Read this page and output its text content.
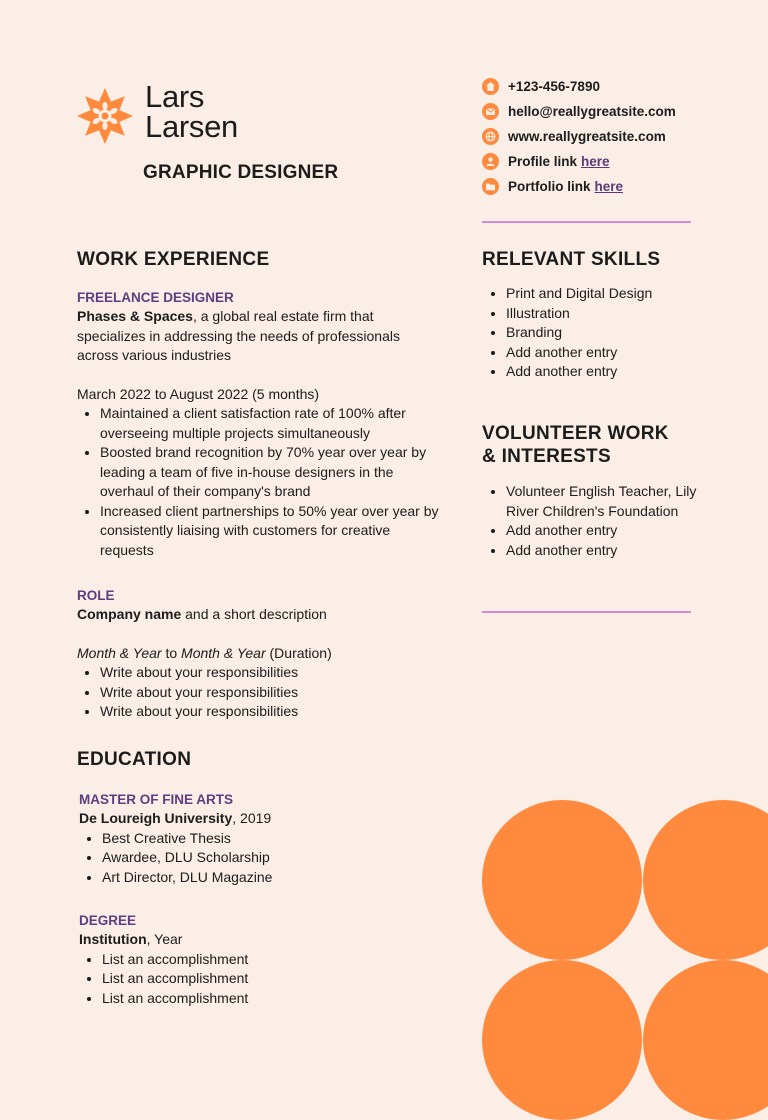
Lars
Larsen
GRAPHIC DESIGNER
+123-456-7890
hello@reallygreatsite.com
www.reallygreatsite.com
Profile link here
Portfolio link here
WORK EXPERIENCE
FREELANCE DESIGNER
Phases & Spaces, a global real estate firm that specializes in addressing the needs of professionals across various industries
March 2022 to August 2022 (5 months)
• Maintained a client satisfaction rate of 100% after overseeing multiple projects simultaneously
• Boosted brand recognition by 70% year over year by leading a team of five in-house designers in the overhaul of their company's brand
• Increased client partnerships to 50% year over year by consistently liaising with customers for creative requests
ROLE
Company name and a short description
Month & Year to Month & Year (Duration)
• Write about your responsibilities
• Write about your responsibilities
• Write about your responsibilities
EDUCATION
MASTER OF FINE ARTS
De Loureigh University, 2019
• Best Creative Thesis
• Awardee, DLU Scholarship
• Art Director, DLU Magazine
DEGREE
Institution, Year
• List an accomplishment
• List an accomplishment
• List an accomplishment
RELEVANT SKILLS
• Print and Digital Design
• Illustration
• Branding
• Add another entry
• Add another entry
VOLUNTEER WORK
& INTERESTS
• Volunteer English Teacher, Lily River Children's Foundation
• Add another entry
• Add another entry
